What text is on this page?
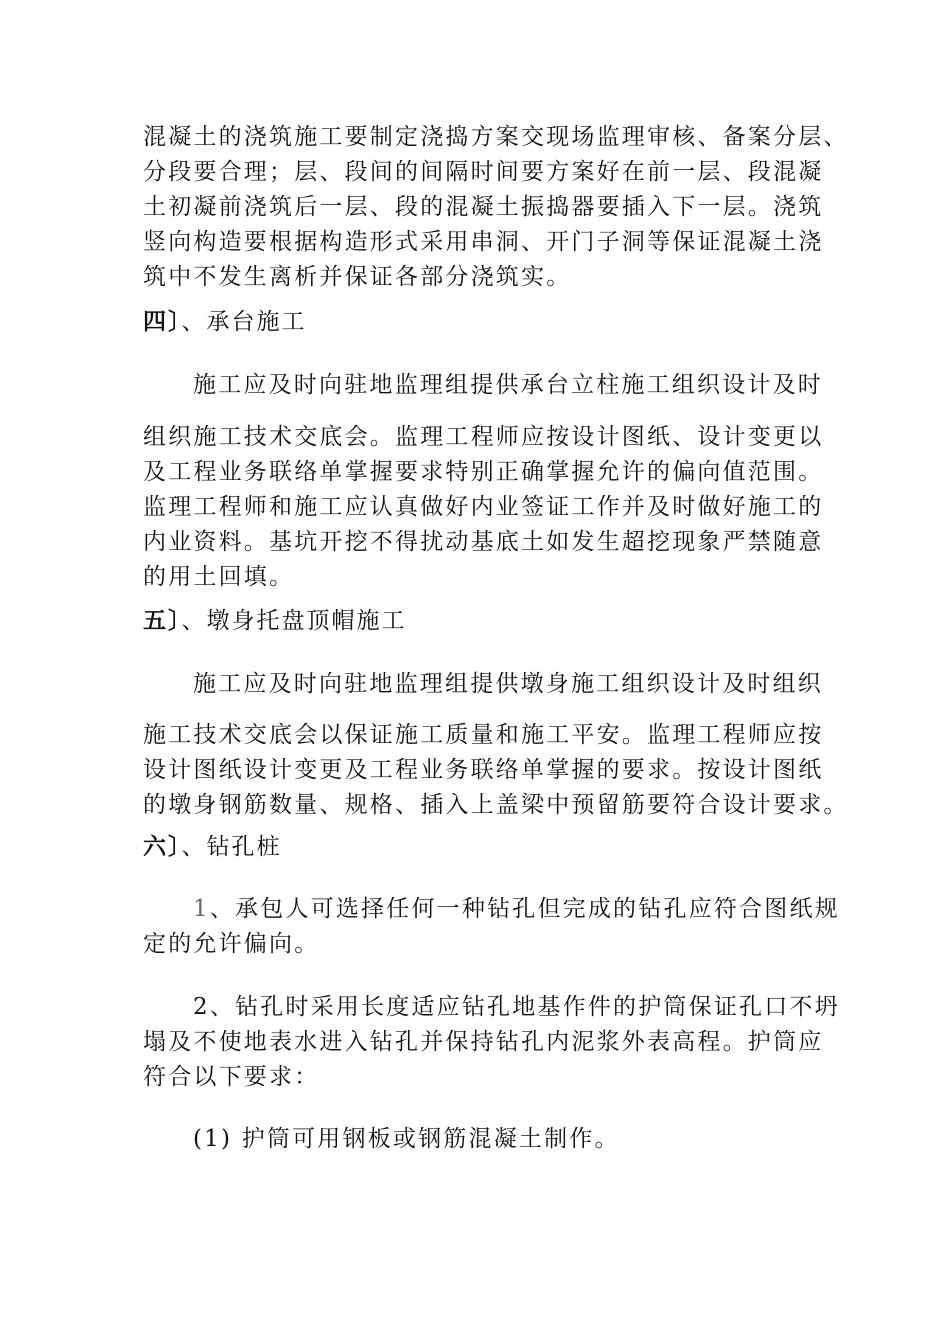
混凝土的浇筑施工要制定浇捣方案交现场监理审核、备案分层、
分段要合理；层、段间的间隔时间要方案好在前一层、段混凝
土初凝前浇筑后一层、段的混凝土振捣器要插入下一层。浇筑
竖向构造要根据构造形式采用串洞、开门子洞等保证混凝土浇
筑中不发生离析并保证各部分浇筑实。
四〕、承台施工
施工应及时向驻地监理组提供承台立柱施工组织设计及时
组织施工技术交底会。监理工程师应按设计图纸、设计变更以
及工程业务联络单掌握要求特别正确掌握允许的偏向值范围。
监理工程师和施工应认真做好内业签证工作并及时做好施工的
内业资料。基坑开挖不得扰动基底土如发生超挖现象严禁随意
的用土回填。
五〕、墩身托盘顶帽施工
施工应及时向驻地监理组提供墩身施工组织设计及时组织
施工技术交底会以保证施工质量和施工平安。监理工程师应按
设计图纸设计变更及工程业务联络单掌握的要求。按设计图纸
的墩身钢筋数量、规格、插入上盖梁中预留筋要符合设计要求。
六〕、钻孔桩
1、承包人可选择任何一种钻孔但完成的钻孔应符合图纸规
定的允许偏向。
2、钻孔时采用长度适应钻孔地基作件的护筒保证孔口不坍
塌及不使地表水进入钻孔并保持钻孔内泥浆外表高程。护筒应
符合以下要求：
(1) 护筒可用钢板或钢筋混凝土制作。
